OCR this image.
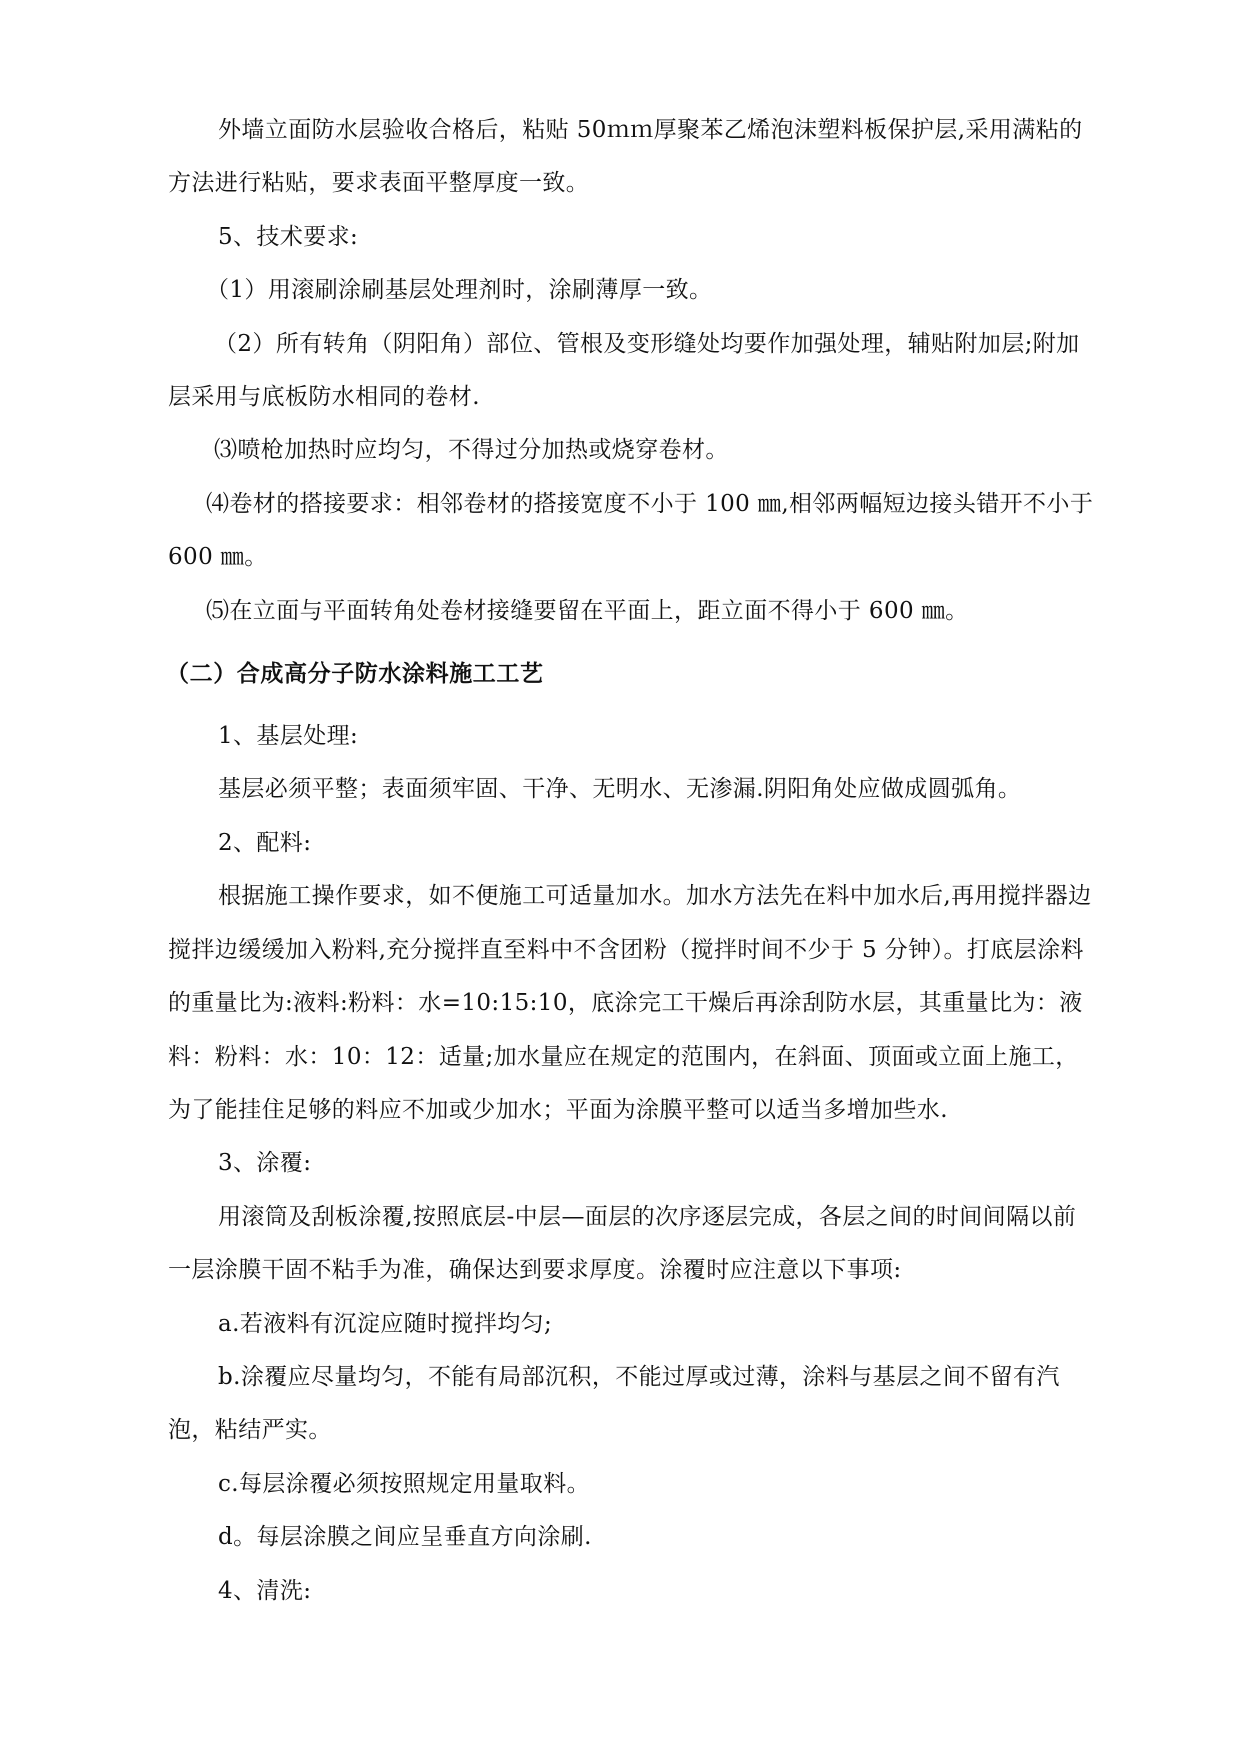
外墙立面防水层验收合格后，粘贴 50ｍｍ厚聚苯乙烯泡沫塑料板保护层,采用满粘的方法进行粘贴，要求表面平整厚度一致。

5、技术要求:

（1）用滚刷涂刷基层处理剂时，涂刷薄厚一致。

（2）所有转角（阴阳角）部位、管根及变形缝处均要作加强处理，辅贴附加层;附加层采用与底板防水相同的卷材.

⑶喷枪加热时应均匀，不得过分加热或烧穿卷材。

⑷卷材的搭接要求：相邻卷材的搭接宽度不小于 100 ㎜,相邻两幅短边接头错开不小于 600 ㎜。

⑸在立面与平面转角处卷材接缝要留在平面上，距立面不得小于 600 ㎜。

（二）合成高分子防水涂料施工工艺

1、基层处理:

基层必须平整；表面须牢固、干净、无明水、无渗漏.阴阳角处应做成圆弧角。

2、配料:

根据施工操作要求，如不便施工可适量加水。加水方法先在料中加水后,再用搅拌器边搅拌边缓缓加入粉料,充分搅拌直至料中不含团粉（搅拌时间不少于 5 分钟）。打底层涂料的重量比为:液料:粉料：水=10:15:10，底涂完工干燥后再涂刮防水层，其重量比为：液料：粉料：水：10：12：适量;加水量应在规定的范围内，在斜面、顶面或立面上施工，为了能挂住足够的料应不加或少加水；平面为涂膜平整可以适当多增加些水.

3、涂覆:

用滚筒及刮板涂覆,按照底层-中层—面层的次序逐层完成，各层之间的时间间隔以前一层涂膜干固不粘手为准，确保达到要求厚度。涂覆时应注意以下事项:

a.若液料有沉淀应随时搅拌均匀;

b.涂覆应尽量均匀，不能有局部沉积，不能过厚或过薄，涂料与基层之间不留有汽泡，粘结严实。

c.每层涂覆必须按照规定用量取料。

d。每层涂膜之间应呈垂直方向涂刷.

4、清洗:
